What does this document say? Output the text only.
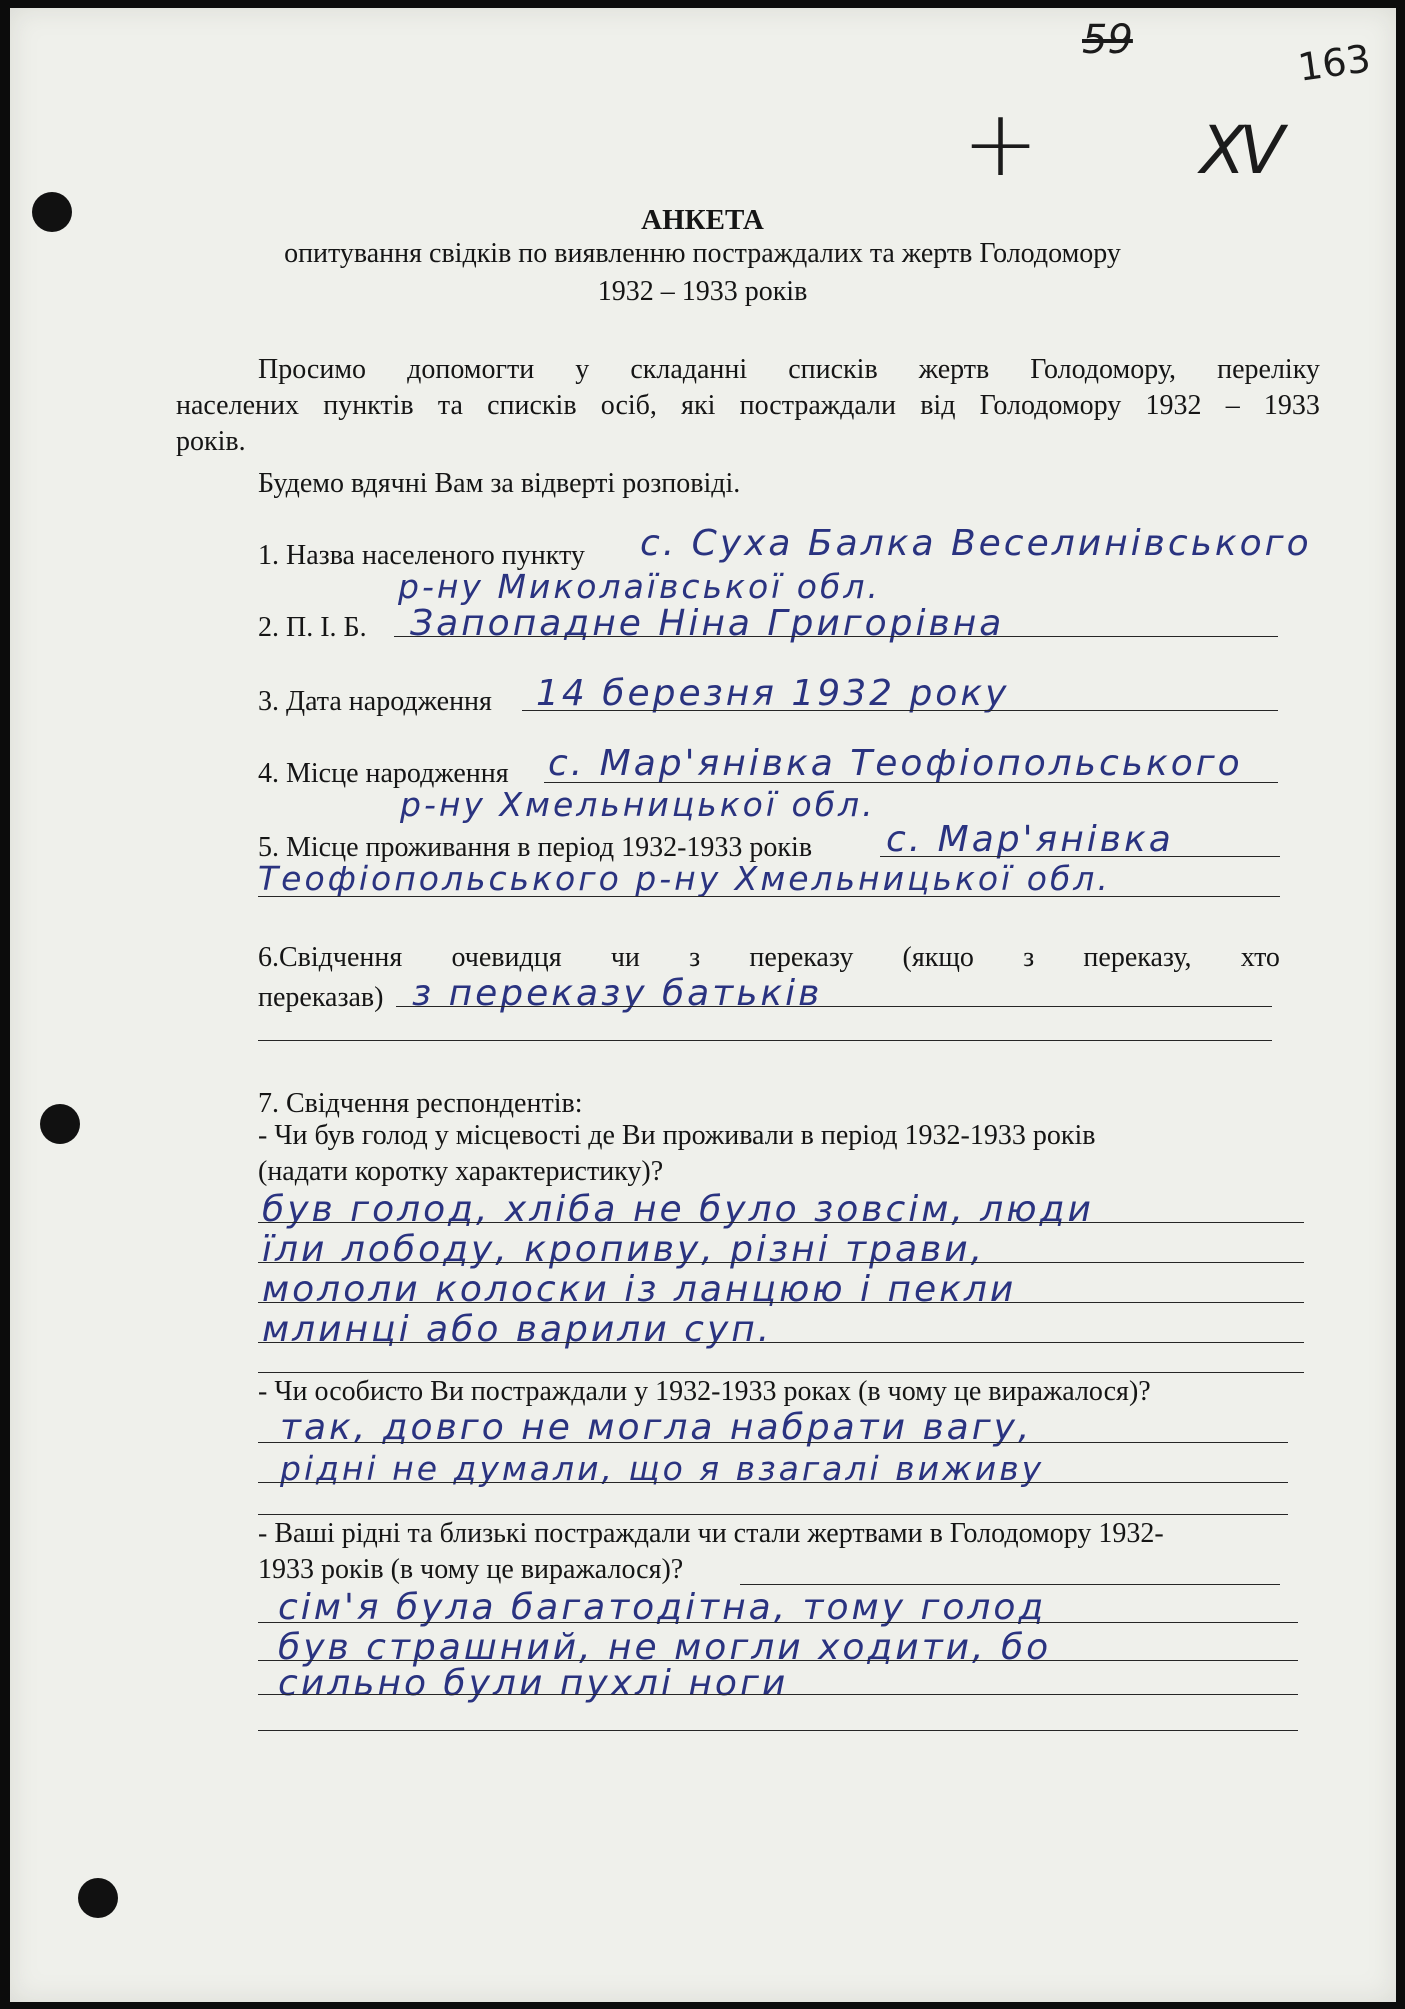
59
+ XV
163
АНКЕТА
опитування свідків по виявленню постраждалих та жертв Голодомору
1932 – 1933 років
Просимо допомогти у складанні списків жертв Голодомору, переліку
населених пунктів та списків осіб, які постраждали від Голодомору 1932 – 1933
років.
Будемо вдячні Вам за відверті розповіді.
1. Назва населеного пункту с. Суха Балка Веселинівського
р-ну Миколаївської обл.
2. П. І. Б. Запопадне Ніна Григорівна
3. Дата народження 14 березня 1932 року
4. Місце народження с. Мар'янівка Теофіопольського
р-ну Хмельницької обл.
5. Місце проживання в період 1932-1933 років с. Мар'янівка
Теофіопольського р-ну Хмельницької обл.
6.Свідчення очевидця чи з переказу (якщо з переказу, хто
переказав) з переказу батьків
7. Свідчення респондентів:
- Чи був голод у місцевості де Ви проживали в період 1932-1933 років
(надати коротку характеристику)?
був голод, хліба не було зовсім, люди
їли лободу, кропиву, різні трави,
мололи колоски із ланцюю і пекли
млинці або варили суп.
- Чи особисто Ви постраждали у 1932-1933 роках (в чому це виражалося)?
так, довго не могла набрати вагу,
рідні не думали, що я взагалі виживу
- Ваші рідні та близькі постраждали чи стали жертвами в Голодомору 1932-
1933 років (в чому це виражалося)?
сім'я була багатодітна, тому голод
був страшний, не могли ходити, бо
сильно були пухлі ноги
